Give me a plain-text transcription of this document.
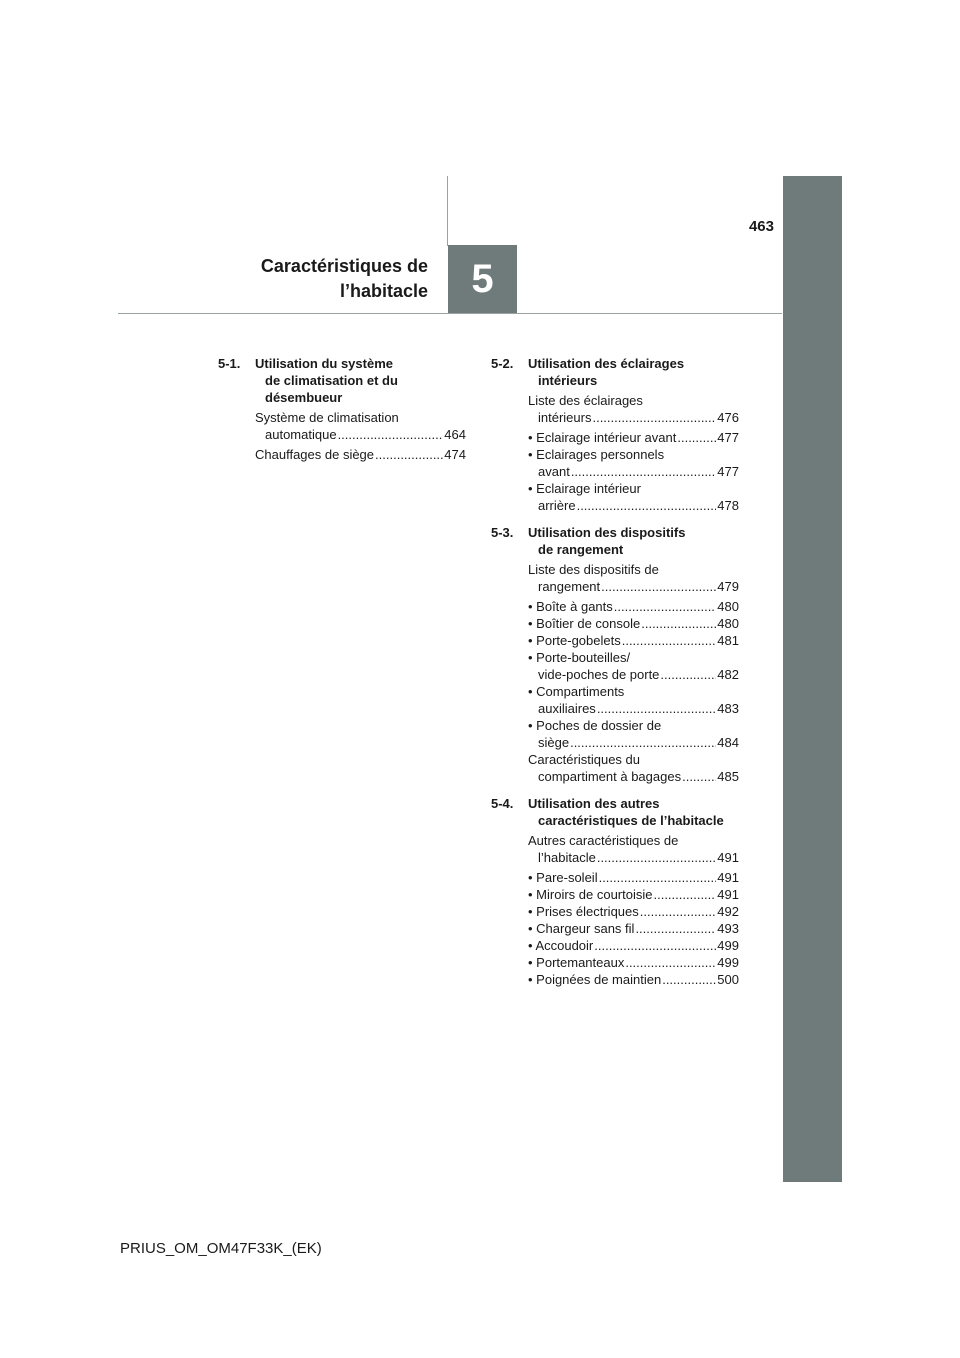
5
463
Caractéristiques de
l’habitacle
5-1. Utilisation du système
de climatisation et du
désembueur
Système de climatisation
automatique .....	464
Chauffages de siège .....	474
5-2. Utilisation des éclairages
intérieurs
Liste des éclairages
intérieurs .....	476
• Eclairage intérieur avant .....	477
• Eclairages personnels
avant .....	477
• Eclairage intérieur
arrière .....	478
5-3. Utilisation des dispositifs
de rangement
Liste des dispositifs de
rangement .....	479
• Boîte à gants .....	480
• Boîtier de console .....	480
• Porte-gobelets .....	481
• Porte-bouteilles/
vide-poches de porte .....	482
• Compartiments
auxiliaires .....	483
• Poches de dossier de
siège .....	484
Caractéristiques du
compartiment à bagages .....	485
5-4. Utilisation des autres
caractéristiques de l’habitacle
Autres caractéristiques de
l’habitacle .....	491
• Pare-soleil .....	491
• Miroirs de courtoisie .....	491
• Prises électriques .....	492
• Chargeur sans fil .....	493
• Accoudoir .....	499
• Portemanteaux .....	499
• Poignées de maintien .....	500
PRIUS_OM_OM47F33K_(EK)
